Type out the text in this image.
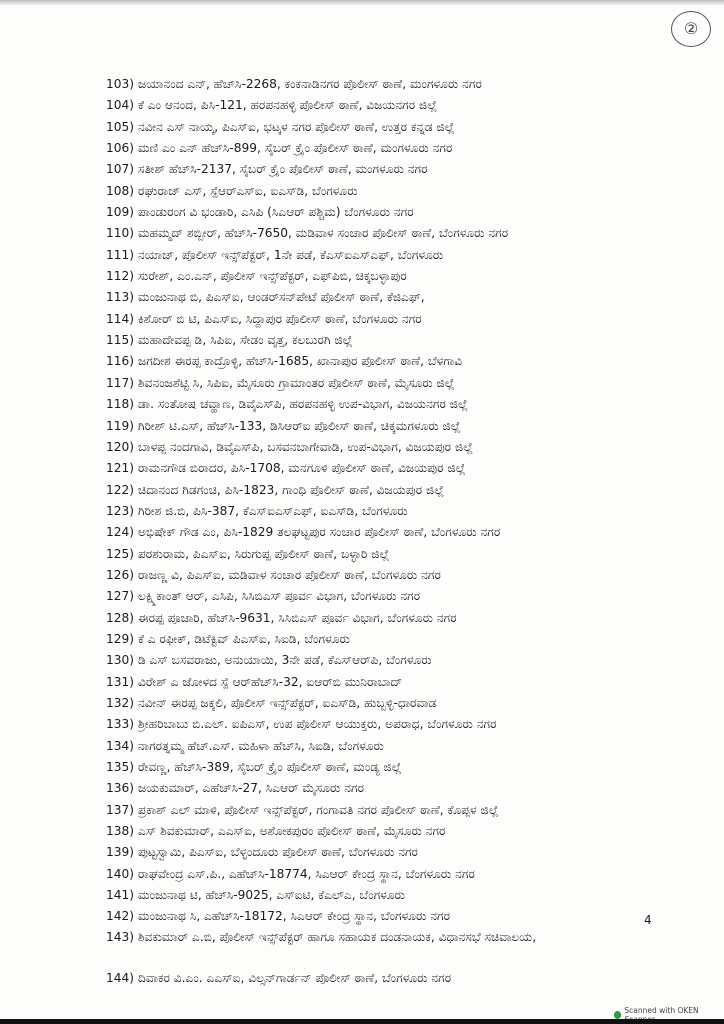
②
103) ಜಯಾನಂದ ಎನ್, ಹೆಚ್‌ಸಿ-2268, ಕಂಕನಾಡಿನಗರ ಪೊಲೀಸ್ ಠಾಣೆ, ಮಂಗಳೂರು ನಗರ
104) ಕೆ ಎಂ ಆನಂದ, ಪಿಸಿ-121, ಹರಪನಹಳ್ಳಿ ಪೊಲೀಸ್ ಠಾಣೆ, ವಿಜಯನಗರ ಜಿಲ್ಲೆ
105) ನವೀನ ಎಸ್ ನಾಯ್ಕ, ಪಿಎಸ್‌ಐ, ಭಟ್ಕಳ ನಗರ ಪೊಲೀಸ್ ಠಾಣೆ, ಉತ್ತರ ಕನ್ನಡ ಜಿಲ್ಲೆ
106) ಮಣಿ ಎಂ ಎನ್ ಹೆಚ್‌ಸಿ-899, ಸೈಬರ್ ಕ್ರೈಂ ಪೊಲೀಸ್ ಠಾಣೆ, ಮಂಗಳೂರು ನಗರ
107) ಸತೀಶ್ ಹೆಚ್‌ಸಿ-2137, ಸೈಬರ್ ಕ್ರೈಂ ಪೊಲೀಸ್ ಠಾಣೆ, ಮಂಗಳೂರು ನಗರ
108) ರಘುರಾಜ್ ಎಸ್, ಸ್ಪೆಆರ್‌ಎಸ್‌ಐ, ಐಎಸ್‌ಡಿ, ಬೆಂಗಳೂರು
109) ಪಾಂಡುರಂಗ ವಿ ಭಂಡಾರಿ, ಎಸಿಪಿ (ಸಿಎಆರ್ ಪಶ್ಚಿಮ) ಬೆಂಗಳೂರು ನಗರ
110) ಮಹಮ್ಮದ್ ಶಬ್ಬೀರ್, ಹೆಚ್‌ಸಿ-7650, ಮಡಿವಾಳ ಸಂಚಾರ ಪೊಲೀಸ್ ಠಾಣೆ, ಬೆಂಗಳೂರು ನಗರ
111) ನಯಾಜ್, ಪೊಲೀಸ್ ಇನ್ಸ್‌ಪೆಕ್ಟರ್, 1ನೇ ಪಡೆ, ಕೆಎಸ್‌ಐಎಸ್‌ಎಫ್, ಬೆಂಗಳೂರು
112) ಸುರೇಶ್, ಎಂ.ಎನ್, ಪೊಲೀಸ್ ಇನ್ಸ್‌ಪೆಕ್ಟರ್, ಎಫ್‌ಪಿಬಿ, ಚಿಕ್ಕಬಳ್ಳಾಪುರ
113) ಮಂಜುನಾಥ ಬಿ, ಪಿಎಸ್‌ಐ, ಆಂಡರ್‌ಸನ್‌ಪೇಟೆ ಪೊಲೀಸ್ ಠಾಣೆ, ಕೆಜಿಎಫ್,
114) ಕಿಶೋರ್ ಬಿ ಟಿ, ಪಿಎಸ್‌ಐ, ಸಿದ್ದಾಪುರ ಪೊಲೀಸ್ ಠಾಣೆ, ಬೆಂಗಳೂರು ನಗರ
115) ಮಹಾದೇವಪ್ಪ ಡಿ, ಸಿಪಿಐ, ಸೇಡಂ ವೃತ್ತ, ಕಲಬುರಗಿ ಜಿಲ್ಲೆ
116) ಜಗದೀಶ ಈರಪ್ಪ ಕಾದ್ರೊಳ್ಳಿ, ಹೆಚ್‌ಸಿ-1685, ಖಾನಾಪುರ ಪೊಲೀಸ್ ಠಾಣೆ, ಬೆಳಗಾವಿ
117) ಶಿವನಂಜಶೆಟ್ಟಿ ಸಿ, ಸಿಪಿಐ, ಮೈಸೂರು ಗ್ರಾಮಾಂತರ ಪೊಲೀಸ್ ಠಾಣೆ, ಮೈಸೂರು ಜಿಲ್ಲೆ
118) ಡಾ. ಸಂತೋಷ ಚವ್ಹಾಣ, ಡಿವೈಎಸ್‌ಪಿ, ಹರಪನಹಳ್ಳಿ ಉಪ-ವಿಭಾಗ, ವಿಜಯನಗರ ಜಿಲ್ಲೆ
119) ಗಿರೀಶ್ ಟಿ.ಎಸ್, ಹೆಚ್‌ಸಿ-133, ಡಿಸಿಆರ್‌ಐ ಪೊಲೀಸ್ ಠಾಣೆ, ಚಿಕ್ಕಮಗಳೂರು ಜಿಲ್ಲೆ
120) ಬಾಳಪ್ಪ ನಂದಗಾವಿ, ಡಿವೈಎಸ್‌ಪಿ, ಬಸವನಬಾಗೇವಾಡಿ, ಉಪ-ವಿಭಾಗ, ವಿಜಯಪುರ ಜಿಲ್ಲೆ
121) ರಾಮನಗೌಡ ಬಿರಾದರ, ಪಿಸಿ-1708, ಮನಗೂಳಿ ಪೊಲೀಸ್ ಠಾಣೆ, ವಿಜಯಪುರ ಜಿಲ್ಲೆ
122) ಚಿದಾನಂದ ಗಿಡಗಂಚಿ, ಪಿಸಿ-1823, ಗಾಂಧಿ ಪೊಲೀಸ್ ಠಾಣೆ, ವಿಜಯಪುರ ಜಿಲ್ಲೆ
123) ಗಿರೀಶ ಜಿ.ಬಿ, ಪಿಸಿ-387, ಕೆಎಸ್‌ಐಎಸ್‌ಎಫ್, ಐಎಸ್‌ಡಿ, ಬೆಂಗಳೂರು
124) ಅಭಿಷೇಕ್ ಗೌಡ ಎಂ, ಪಿಸಿ-1829 ತಲಘಟ್ಟಪುರ ಸಂಚಾರ ಪೊಲೀಸ್ ಠಾಣೆ, ಬೆಂಗಳೂರು ನಗರ
125) ಪರಶುರಾಮ, ಪಿಎಸ್‌ಐ, ಸಿರುಗುಪ್ಪ ಪೊಲೀಸ್ ಠಾಣೆ, ಬಳ್ಳಾರಿ ಜಿಲ್ಲೆ
126) ರಾಜಣ್ಣ ವಿ, ಪಿಎಸ್‌ಐ, ಮಡಿವಾಳ ಸಂಚಾರ ಪೊಲೀಸ್ ಠಾಣೆ, ಬೆಂಗಳೂರು ನಗರ
127) ಲಕ್ಷ್ಮಿಕಾಂತ್ ಆರ್, ಎಸಿಪಿ, ಸಿಸಿಬಿಎಸ್ ಪೂರ್ವ ವಿಭಾಗ, ಬೆಂಗಳೂರು ನಗರ
128) ಈರಪ್ಪ ಪೂಜಾರಿ, ಹೆಚ್‌ಸಿ-9631, ಸಿಸಿಬಿಎಸ್ ಪೂರ್ವ ವಿಭಾಗ, ಬೆಂಗಳೂರು ನಗರ
129) ಕೆ ಎ ರಫೀಕ್, ಡಿಟೆಕ್ಟಿವ್ ಪಿಎಸ್‌ಐ, ಸಿಐಡಿ, ಬೆಂಗಳೂರು
130) ಡಿ ಎಸ್ ಬಸವರಾಜು, ಅನುಯಾಯಿ, 3ನೇ ಪಡೆ, ಕೆಎಸ್‌ಆರ್‌ಪಿ, ಬೆಂಗಳೂರು
131) ವಿರೇಶ್ ಎ ಜೋಳದ ಸ್ಪೆ ಆರ್‌ಹೆಚ್‌ಸಿ-32, ಐಆರ್‌ಬಿ ಮುನಿರಾಬಾದ್
132) ನವೀನ್ ಈರಪ್ಪ ಜಕ್ಕಲಿ, ಪೊಲೀಸ್ ಇನ್ಸ್‌ಪೆಕ್ಟರ್, ಐಎಸ್‌ಡಿ, ಹುಬ್ಬಳ್ಳಿ-ಧಾರವಾಡ
133) ಶ್ರೀಹರಿಬಾಬು ಬಿ.ಎಲ್. ಐಪಿಎಸ್, ಉಪ ಪೊಲೀಸ್ ಆಯುಕ್ತರು, ಅಪರಾಧ, ಬೆಂಗಳೂರು ನಗರ
134) ನಾಗರತ್ನಮ್ಮ ಹೆಚ್.ಎಸ್. ಮಹಿಳಾ ಹೆಚ್‌ಸಿ, ಸಿಐಡಿ, ಬೆಂಗಳೂರು
135) ರೇವಣ್ಣ, ಹೆಚ್‌ಸಿ-389, ಸೈಬರ್ ಕ್ರೈಂ ಪೊಲೀಸ್ ಠಾಣೆ, ಮಂಡ್ಯ ಜಿಲ್ಲೆ
136) ಜಯಕುಮಾರ್, ಎಹೆಚ್‌ಸಿ-27, ಸಿಎಆರ್ ಮೈಸೂರು ನಗರ
137) ಪ್ರಕಾಶ್ ಎಲ್ ಮಾಳಿ, ಪೊಲೀಸ್ ಇನ್ಸ್‌ಪೆಕ್ಟರ್, ಗಂಗಾವತಿ ನಗರ ಪೊಲೀಸ್ ಠಾಣೆ, ಕೊಪ್ಪಳ ಜಿಲ್ಲೆ
138) ಎಸ್ ಶಿವಕುಮಾರ್, ಎಎಸ್‌ಐ, ಅಶೋಕಪುರಂ ಪೊಲೀಸ್ ಠಾಣೆ, ಮೈಸೂರು ನಗರ
139) ಪುಟ್ಟಸ್ವಾಮಿ, ಪಿಎಸ್‌ಐ, ಬೆಳ್ಳಂದೂರು ಪೊಲೀಸ್ ಠಾಣೆ, ಬೆಂಗಳೂರು ನಗರ
140) ರಾಘವೇಂದ್ರ ಎಸ್.ಪಿ., ಎಹೆಚ್‌ಸಿ-18774, ಸಿಎಆರ್ ಕೇಂದ್ರ ಸ್ಥಾನ, ಬೆಂಗಳೂರು ನಗರ
141) ಮಂಜುನಾಥ ಟಿ, ಹೆಚ್‌ಸಿ-9025, ಎಸ್‌ಐಟಿ, ಕೆಎಲ್‌ಎ, ಬೆಂಗಳೂರು
142) ಮಂಜುನಾಥ ಸಿ, ಎಹೆಚ್‌ಸಿ-18172, ಸಿಎಆರ್ ಕೇಂದ್ರ ಸ್ಥಾನ, ಬೆಂಗಳೂರು ನಗರ
143) ಶಿವಕುಮಾರ್ ಎ.ಬಿ, ಪೊಲೀಸ್ ಇನ್ಸ್‌ಪೆಕ್ಟರ್ ಹಾಗೂ ಸಹಾಯಕ ದಂಡನಾಯಕ, ವಿಧಾನಸಭೆ ಸಚಿವಾಲಯ,
144) ದಿವಾಕರ ವಿ.ಎಂ. ಎಎಸ್‌ಐ, ವಿಲ್ಸನ್‌ಗಾರ್ಡನ್ ಪೊಲೀಸ್ ಠಾಣೆ, ಬೆಂಗಳೂರು ನಗರ
4
Scanned with OKEN
